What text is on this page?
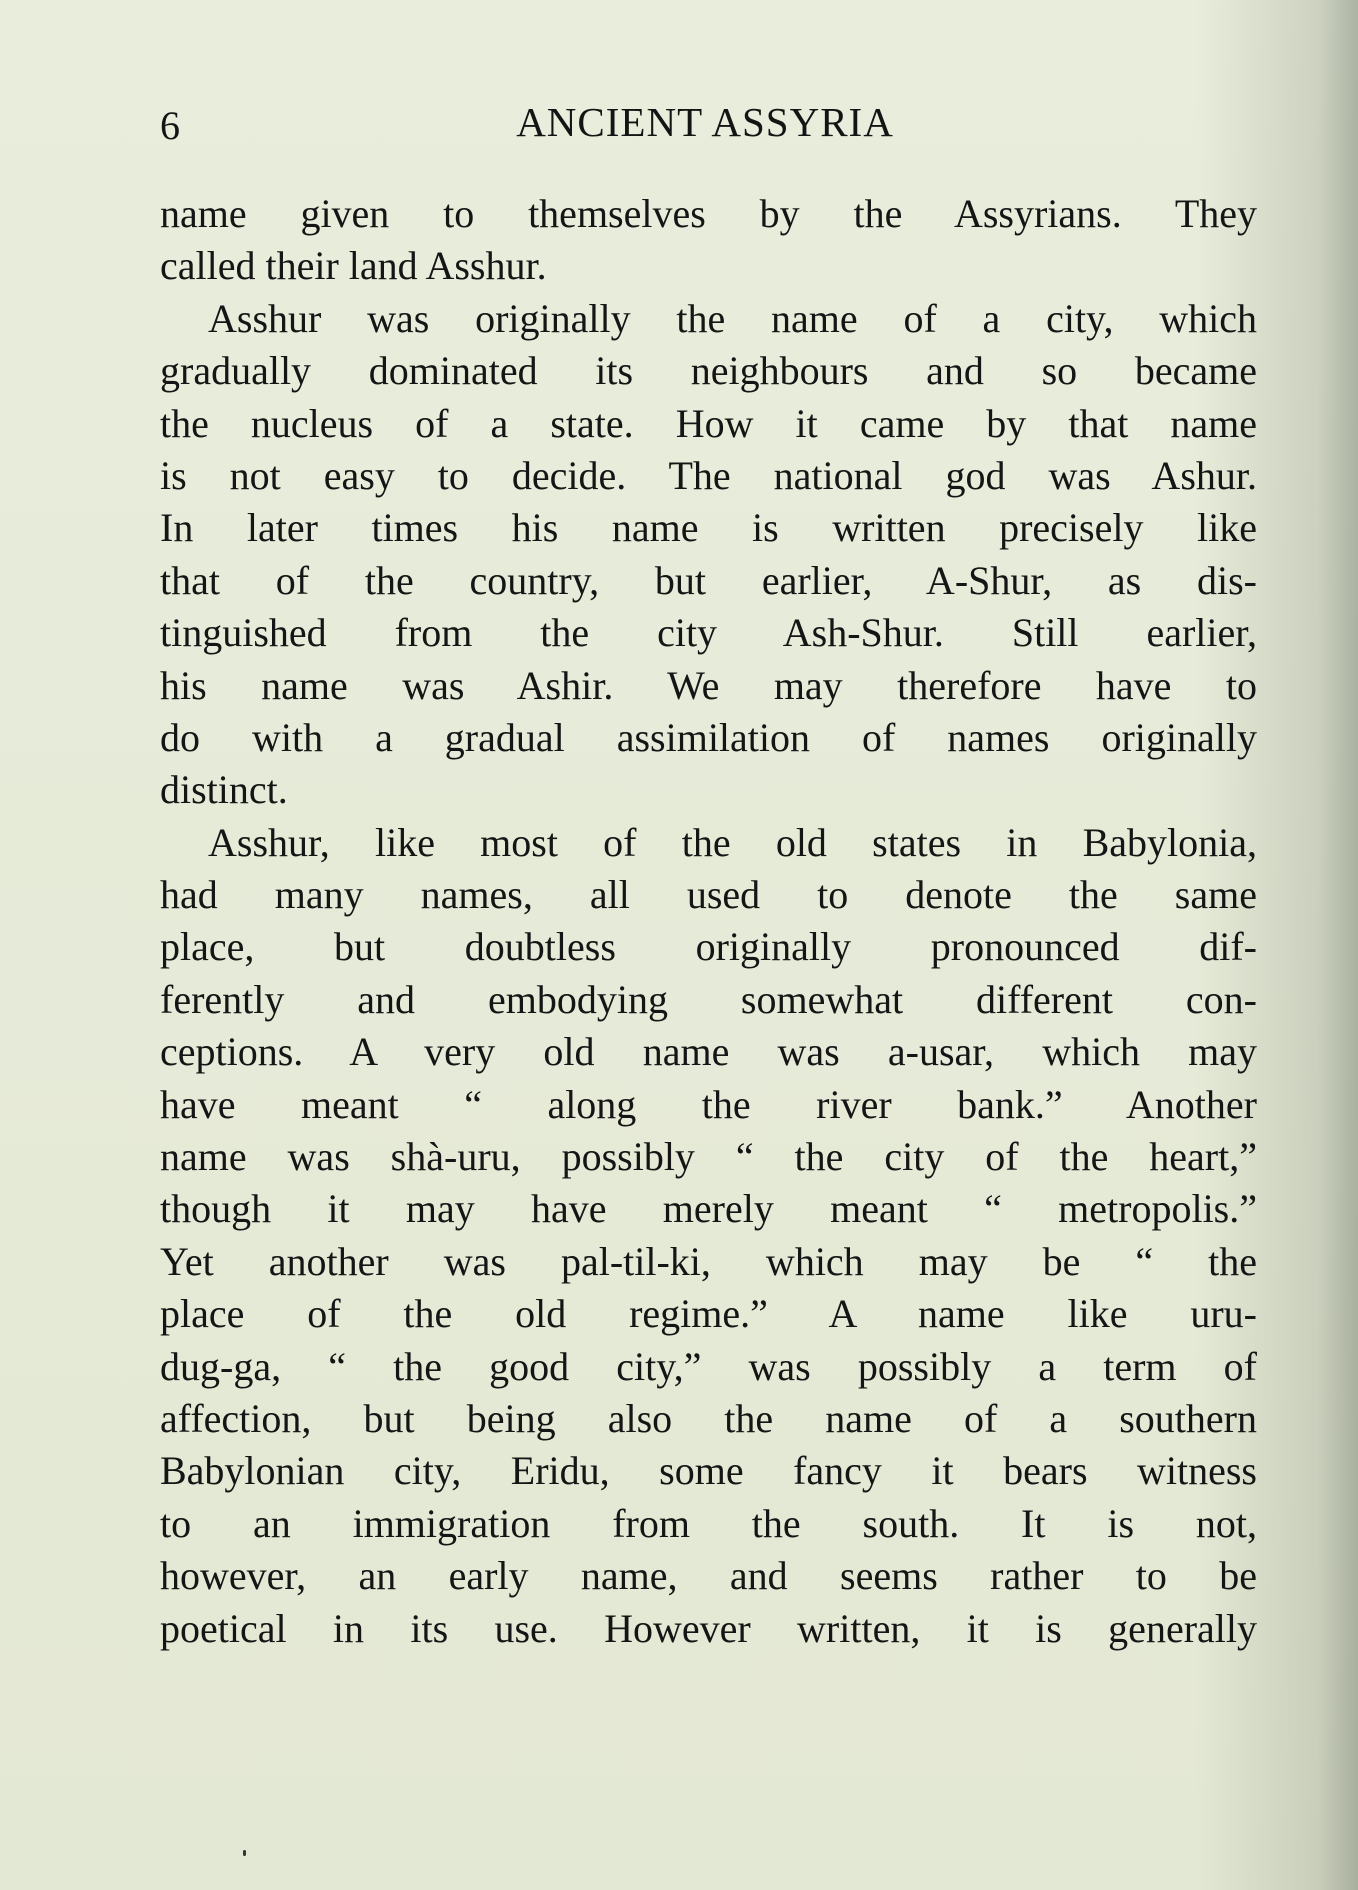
6	ANCIENT ASSYRIA
name given to themselves by the Assyrians. They
called their land Asshur.
Asshur was originally the name of a city, which
gradually dominated its neighbours and so became
the nucleus of a state. How it came by that name
is not easy to decide. The national god was Ashur.
In later times his name is written precisely like
that of the country, but earlier, A-Shur, as dis-
tinguished from the city Ash-Shur. Still earlier,
his name was Ashir. We may therefore have to
do with a gradual assimilation of names originally
distinct.
Asshur, like most of the old states in Babylonia,
had many names, all used to denote the same
place, but doubtless originally pronounced dif-
ferently and embodying somewhat different con-
ceptions. A very old name was a-usar, which may
have meant “ along the river bank.” Another
name was shà-uru, possibly “ the city of the heart,”
though it may have merely meant “ metropolis.”
Yet another was pal-til-ki, which may be “ the
place of the old regime.” A name like uru-
dug-ga, “ the good city,” was possibly a term of
affection, but being also the name of a southern
Babylonian city, Eridu, some fancy it bears witness
to an immigration from the south. It is not,
however, an early name, and seems rather to be
poetical in its use. However written, it is generally
